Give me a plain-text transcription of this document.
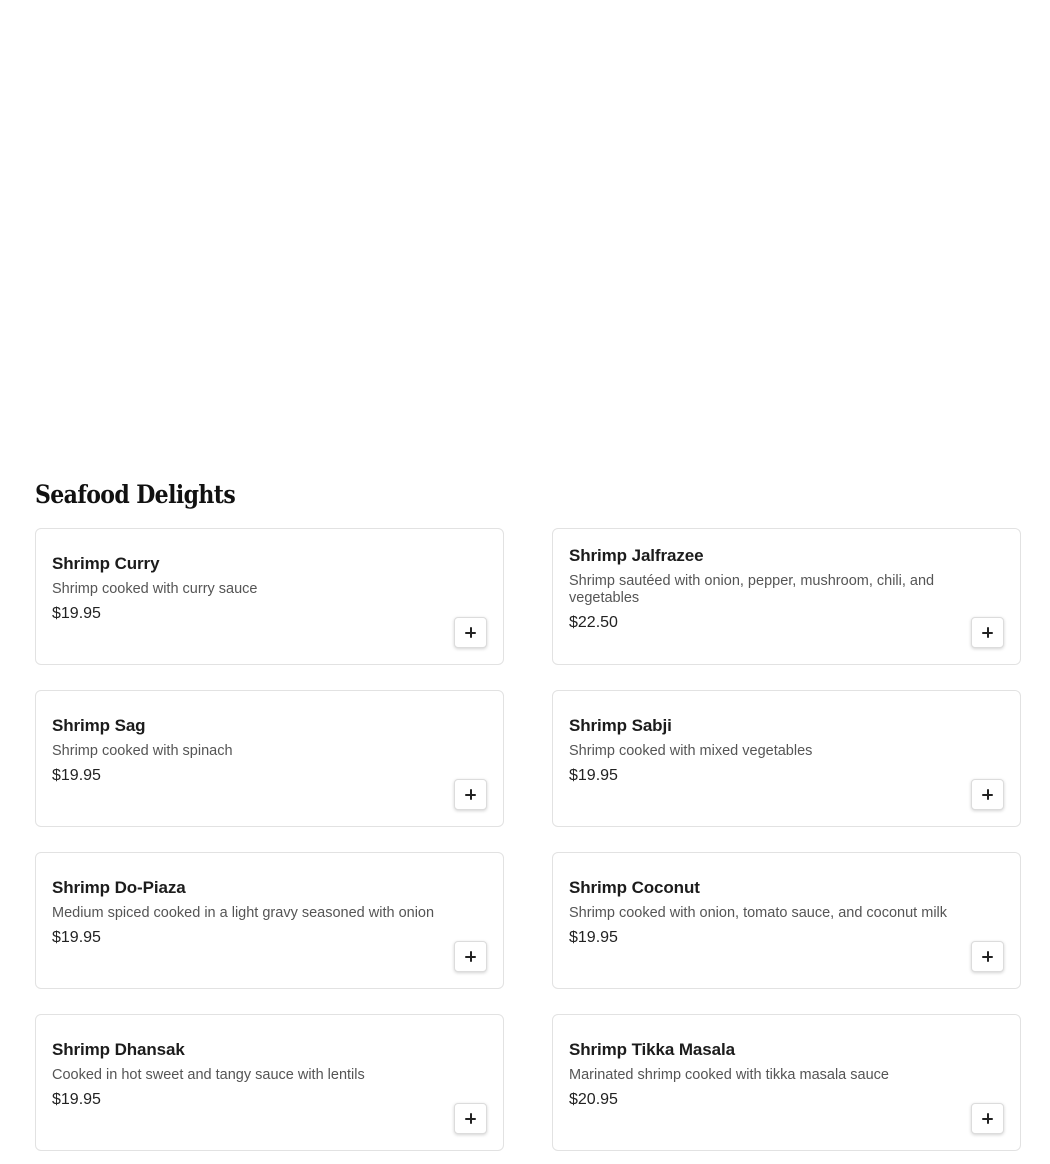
Seafood Delights
Shrimp Curry
Shrimp cooked with curry sauce
$19.95
Shrimp Jalfrazee
Shrimp sautéed with onion, pepper, mushroom, chili, and vegetables
$22.50
Shrimp Sag
Shrimp cooked with spinach
$19.95
Shrimp Sabji
Shrimp cooked with mixed vegetables
$19.95
Shrimp Do-Piaza
Medium spiced cooked in a light gravy seasoned with onion
$19.95
Shrimp Coconut
Shrimp cooked with onion, tomato sauce, and coconut milk
$19.95
Shrimp Dhansak
Cooked in hot sweet and tangy sauce with lentils
$19.95
Shrimp Tikka Masala
Marinated shrimp cooked with tikka masala sauce
$20.95
